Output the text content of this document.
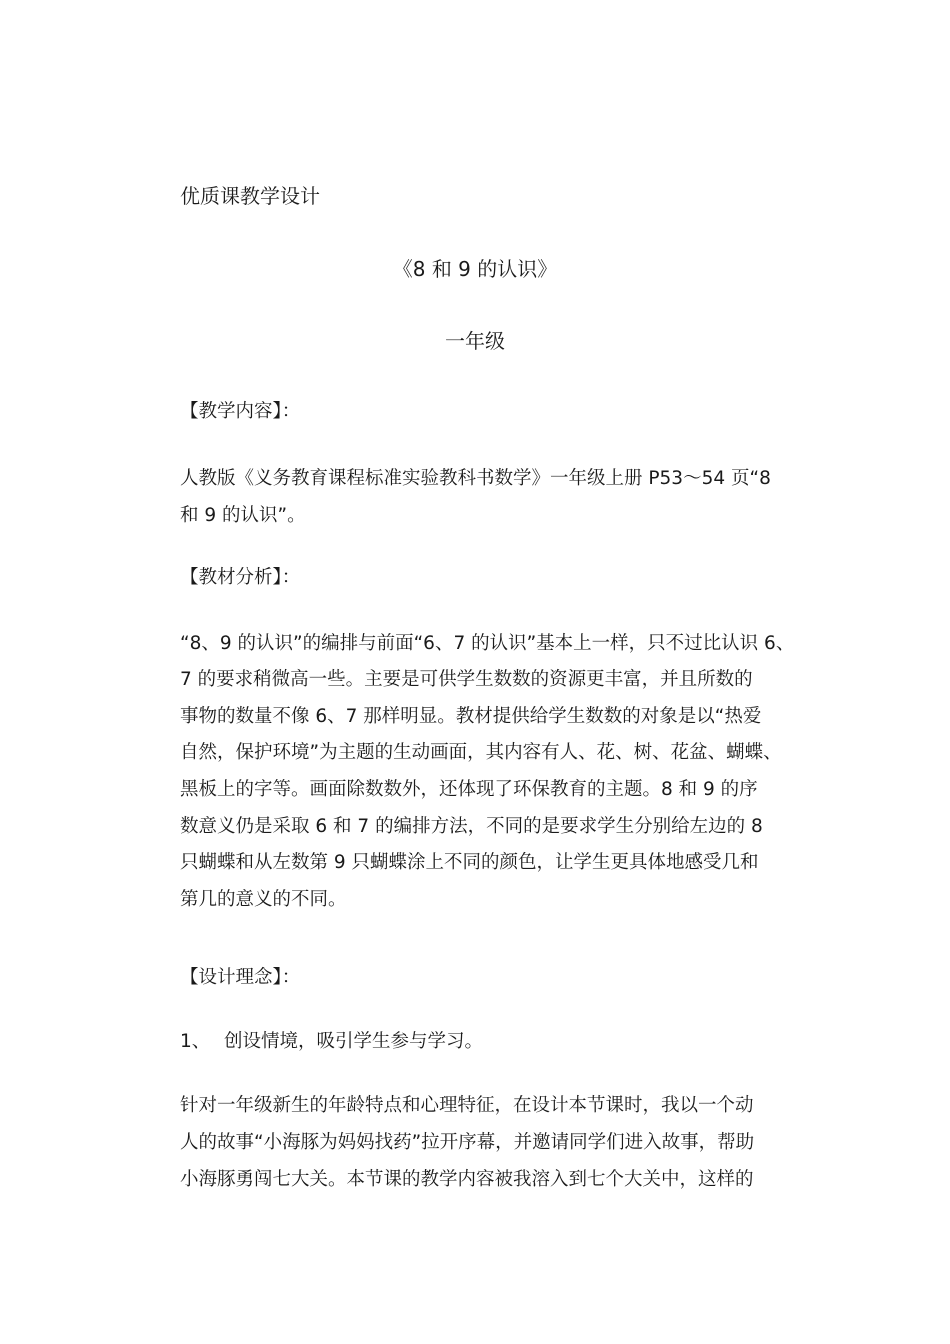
优质课教学设计
《8 和 9 的认识》
一年级
【教学内容】：
人教版《义务教育课程标准实验教科书数学》一年级上册 P53～54 页“8
和 9 的认识”。
【教材分析】：
“8、9 的认识”的编排与前面“6、7 的认识”基本上一样，只不过比认识 6、
7 的要求稍微高一些。主要是可供学生数数的资源更丰富，并且所数的
事物的数量不像 6、7 那样明显。教材提供给学生数数的对象是以“热爱
自然，保护环境”为主题的生动画面，其内容有人、花、树、花盆、蝴蝶、
黑板上的字等。画面除数数外，还体现了环保教育的主题。8 和 9 的序
数意义仍是采取 6 和 7 的编排方法，不同的是要求学生分别给左边的 8
只蝴蝶和从左数第 9 只蝴蝶涂上不同的颜色，让学生更具体地感受几和
第几的意义的不同。
【设计理念】：
1、 创设情境，吸引学生参与学习。
针对一年级新生的年龄特点和心理特征，在设计本节课时，我以一个动
人的故事“小海豚为妈妈找药”拉开序幕，并邀请同学们进入故事，帮助
小海豚勇闯七大关。本节课的教学内容被我溶入到七个大关中，这样的
